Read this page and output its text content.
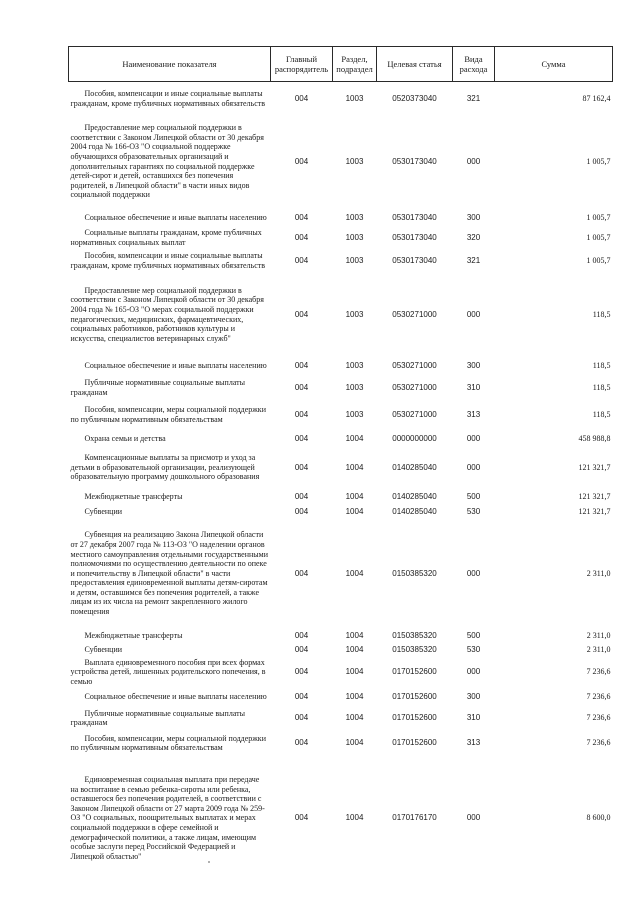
Наименование показателя	Главный распорядитель	Раздел, подраздел	Целевая статья	Вида расхода	Сумма
Пособия, компенсации и иные социальные выплаты гражданам, кроме публичных нормативных обязательств	004	1003	0520373040	321	87 162,4
Предоставление мер социальной поддержки в соответствии с Законом Липецкой области от 30 декабря 2004 года № 166-ОЗ "О социальной поддержке обучающихся образовательных организаций и дополнительных гарантиях по социальной поддержке детей-сирот и детей, оставшихся без попечения родителей, в Липецкой области" в части иных видов социальной поддержки	004	1003	0530173040	000	1 005,7
Социальное обеспечение и иные выплаты населению	004	1003	0530173040	300	1 005,7
Социальные выплаты гражданам, кроме публичных нормативных социальных выплат	004	1003	0530173040	320	1 005,7
Пособия, компенсации и иные социальные выплаты гражданам, кроме публичных нормативных обязательств	004	1003	0530173040	321	1 005,7
Предоставление мер социальной поддержки в соответствии с Законом Липецкой области от 30 декабря 2004 года № 165-ОЗ "О мерах социальной поддержки педагогических, медицинских, фармацевтических, социальных работников, работников культуры и искусства, специалистов ветеринарных служб"	004	1003	0530271000	000	118,5
Социальное обеспечение и иные выплаты населению	004	1003	0530271000	300	118,5
Публичные нормативные социальные выплаты гражданам	004	1003	0530271000	310	118,5
Пособия, компенсации, меры социальной поддержки по публичным нормативным обязательствам	004	1003	0530271000	313	118,5
Охрана семьи и детства	004	1004	0000000000	000	458 988,8
Компенсационные выплаты за присмотр и уход за детьми в образовательной организации, реализующей образовательную программу дошкольного образования	004	1004	0140285040	000	121 321,7
Межбюджетные трансферты	004	1004	0140285040	500	121 321,7
Субвенции	004	1004	0140285040	530	121 321,7
Субвенция на реализацию Закона Липецкой области от 27 декабря 2007 года № 113-ОЗ "О наделении органов местного самоуправления отдельными государственными полномочиями по осуществлению деятельности по опеке и попечительству в Липецкой области" в части предоставления единовременной выплаты детям-сиротам и детям, оставшимся без попечения родителей, а также лицам из их числа на ремонт закрепленного жилого помещения	004	1004	0150385320	000	2 311,0
Межбюджетные трансферты	004	1004	0150385320	500	2 311,0
Субвенции	004	1004	0150385320	530	2 311,0
Выплата единовременного пособия при всех формах устройства детей, лишенных родительского попечения, в семью	004	1004	0170152600	000	7 236,6
Социальное обеспечение и иные выплаты населению	004	1004	0170152600	300	7 236,6
Публичные нормативные социальные выплаты гражданам	004	1004	0170152600	310	7 236,6
Пособия, компенсации, меры социальной поддержки по публичным нормативным обязательствам	004	1004	0170152600	313	7 236,6
Единовременная социальная выплата при передаче на воспитание в семью ребенка-сироты или ребенка, оставшегося без попечения родителей, в соответствии с Законом Липецкой области от 27 марта 2009 года № 259-ОЗ "О социальных, поощрительных выплатах и мерах социальной поддержки в сфере семейной и демографической политики, а также лицам, имеющим особые заслуги перед Российской Федерацией и Липецкой областью"	004	1004	0170176170	000	8 600,0
